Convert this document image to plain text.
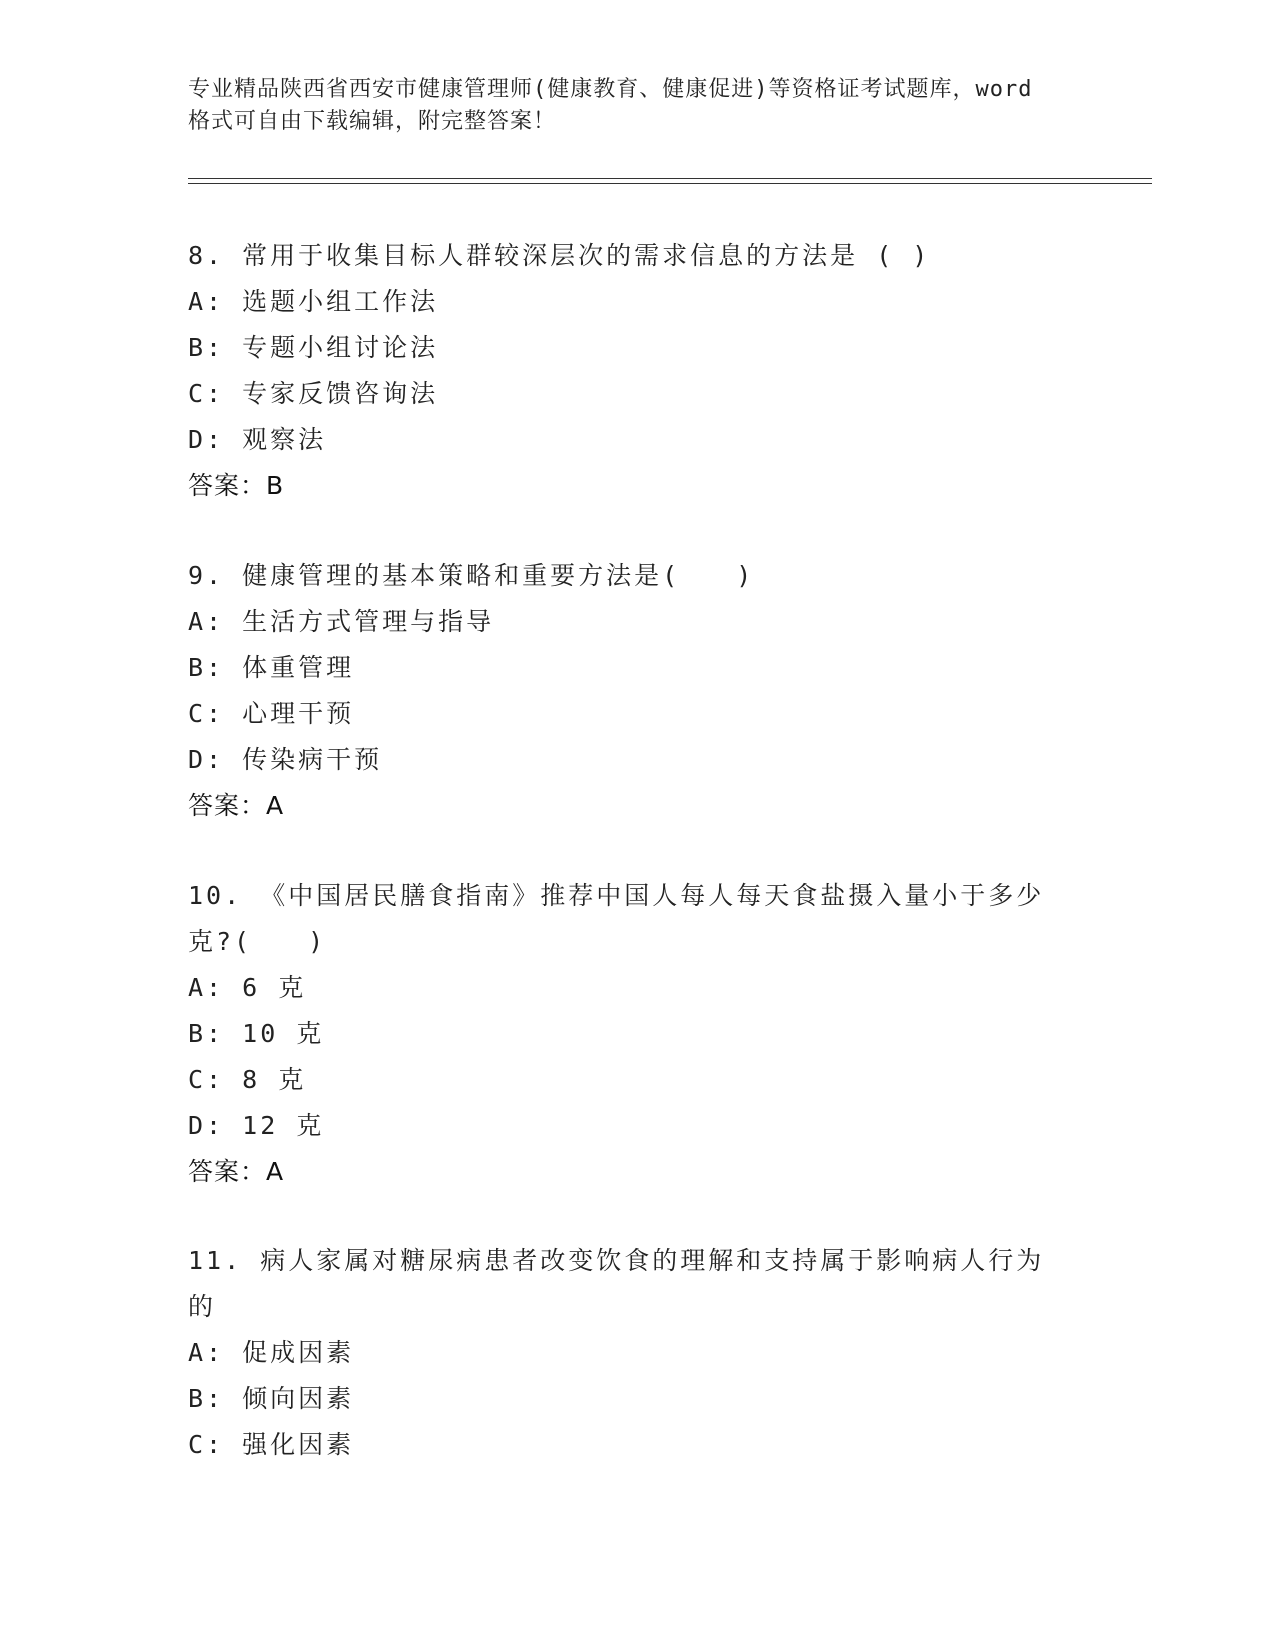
专业精品陕西省西安市健康管理师(健康教育、健康促进)等资格证考试题库，word
格式可自由下载编辑，附完整答案！
8. 常用于收集目标人群较深层次的需求信息的方法是 ( )
A: 选题小组工作法
B: 专题小组讨论法
C: 专家反馈咨询法
D: 观察法
答案：B
9. 健康管理的基本策略和重要方法是(　　)
A: 生活方式管理与指导
B: 体重管理
C: 心理干预
D: 传染病干预
答案：A
10. 《中国居民膳食指南》推荐中国人每人每天食盐摄入量小于多少
克?(　　)
A: 6 克
B: 10 克
C: 8 克
D: 12 克
答案：A
11. 病人家属对糖尿病患者改变饮食的理解和支持属于影响病人行为
的
A: 促成因素
B: 倾向因素
C: 强化因素
